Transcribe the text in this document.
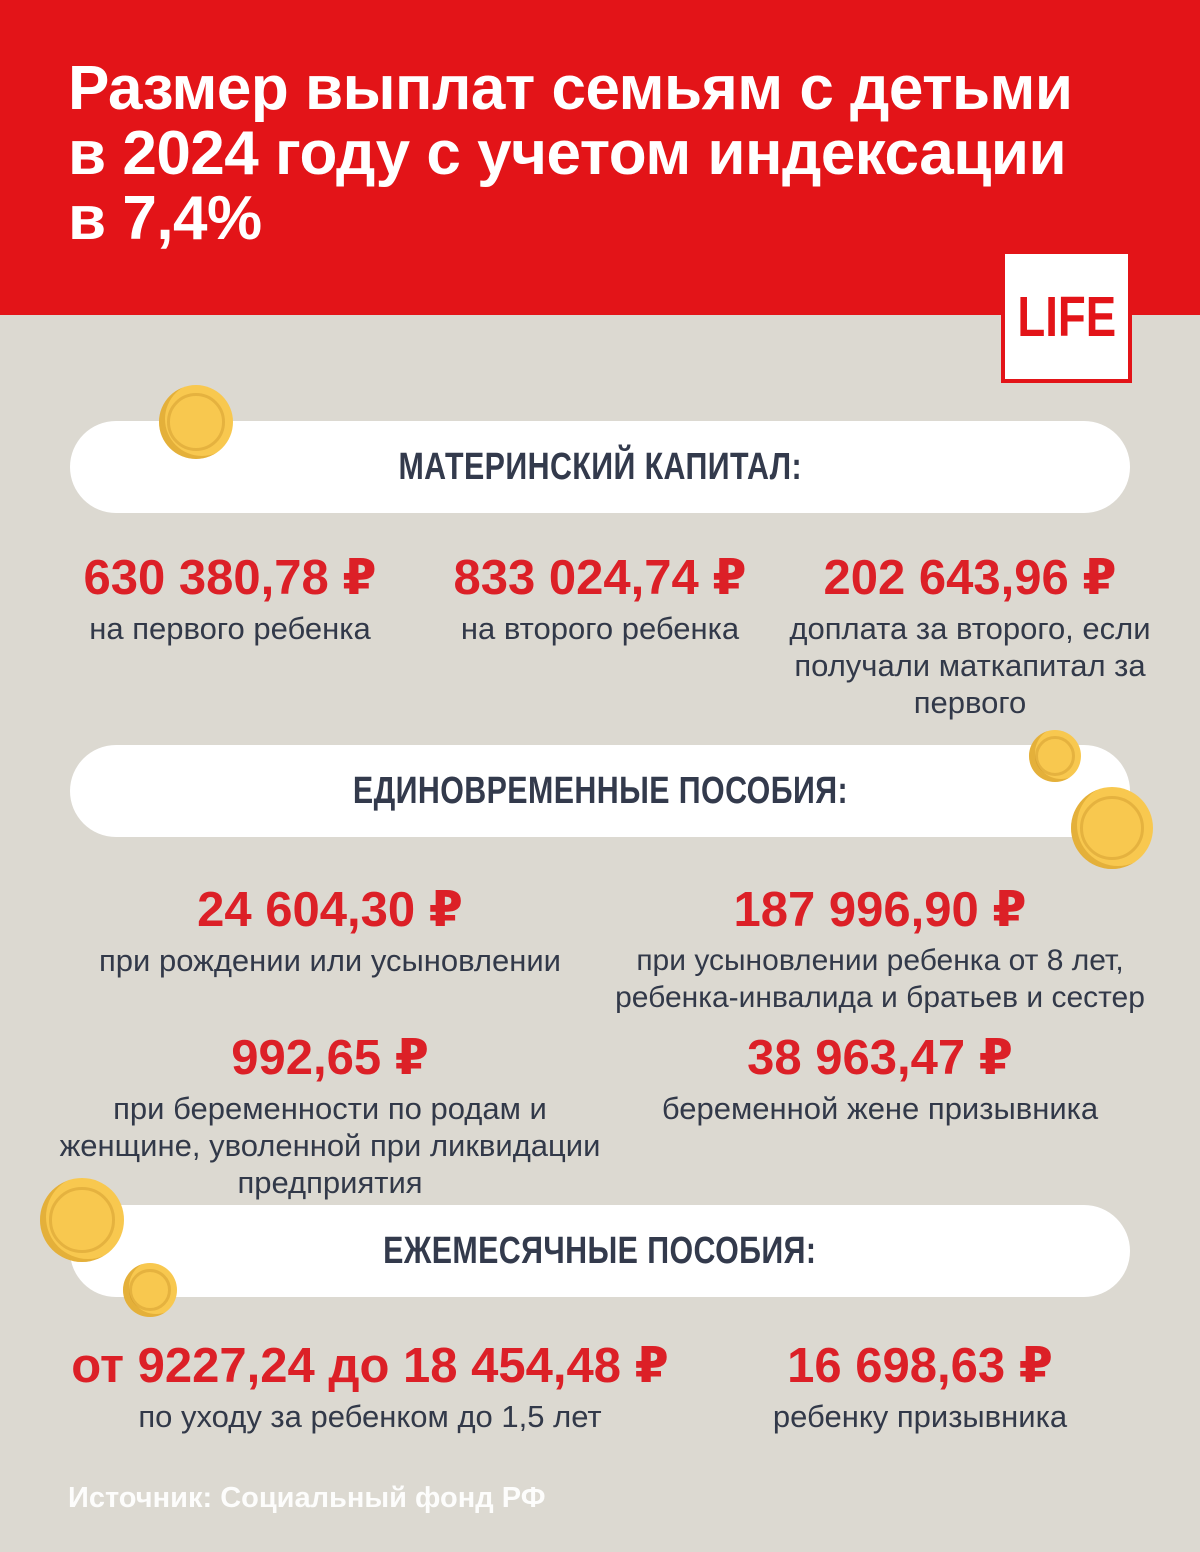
Размер выплат семьям с детьми
в 2024 году с учетом индексации
в 7,4%
LIFE
МАТЕРИНСКИЙ КАПИТАЛ:
ЕДИНОВРЕМЕННЫЕ ПОСОБИЯ:
ЕЖЕМЕСЯЧНЫЕ ПОСОБИЯ:
630 380,78 ₽
на первого ребенка
833 024,74 ₽
на второго ребенка
202 643,96 ₽
доплата за второго, если получали маткапитал за первого
24 604,30 ₽
при рождении или усыновлении
187 996,90 ₽
при усыновлении ребенка от 8 лет, ребенка-инвалида и братьев и сестер
992,65 ₽
при беременности по родам и женщине, уволенной при ликвидации предприятия
38 963,47 ₽
беременной жене призывника
от 9227,24 до 18 454,48 ₽
по уходу за ребенком до 1,5 лет
16 698,63 ₽
ребенку призывника
Источник: Социальный фонд РФ
